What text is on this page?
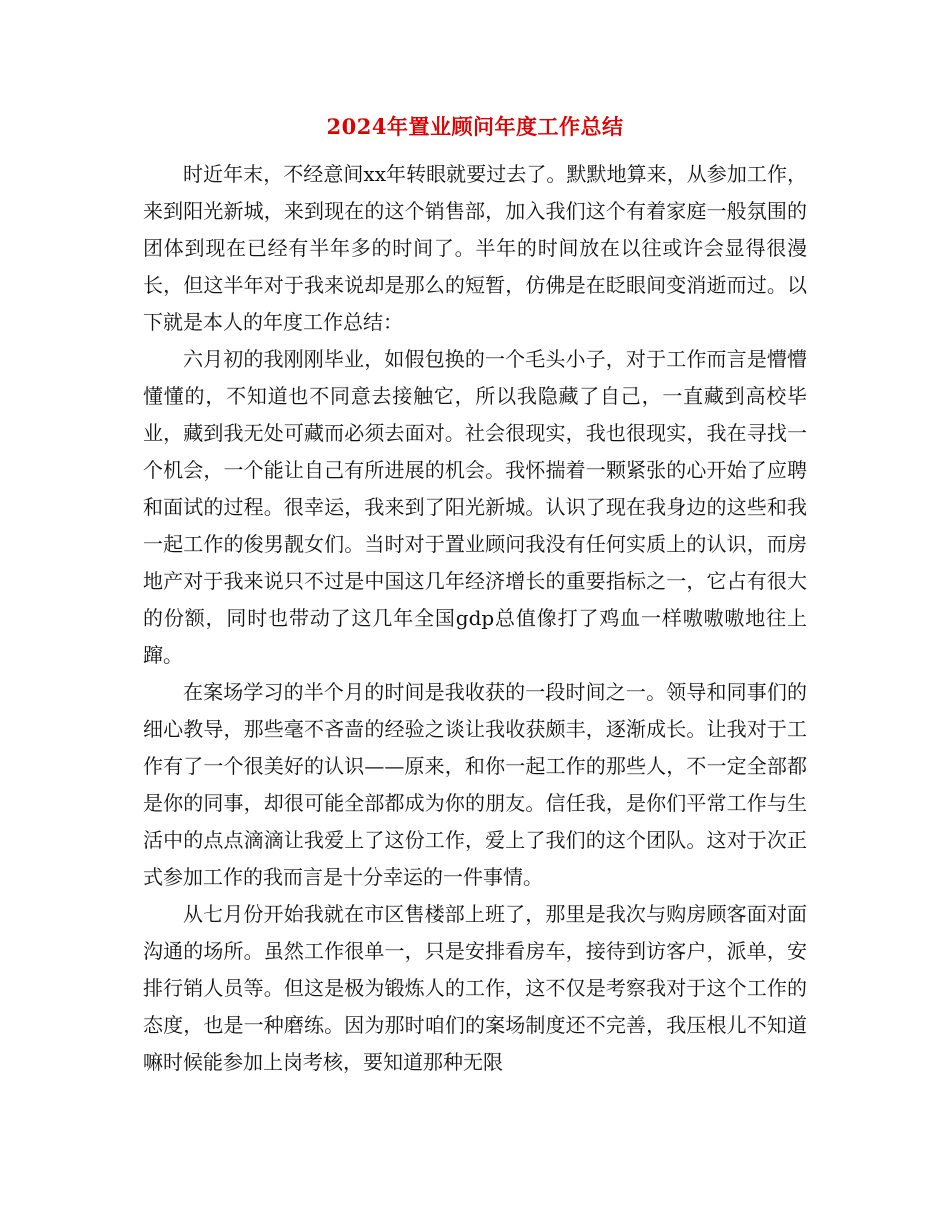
2024年置业顾问年度工作总结

时近年末，不经意间xx年转眼就要过去了。默默地算来，从参加工作，来到阳光新城，来到现在的这个销售部，加入我们这个有着家庭一般氛围的团体到现在已经有半年多的时间了。半年的时间放在以往或许会显得很漫长，但这半年对于我来说却是那么的短暂，仿佛是在眨眼间变消逝而过。以下就是本人的年度工作总结：

六月初的我刚刚毕业，如假包换的一个毛头小子，对于工作而言是懵懵懂懂的，不知道也不同意去接触它，所以我隐藏了自己，一直藏到高校毕业，藏到我无处可藏而必须去面对。社会很现实，我也很现实，我在寻找一个机会，一个能让自己有所进展的机会。我怀揣着一颗紧张的心开始了应聘和面试的过程。很幸运，我来到了阳光新城。认识了现在我身边的这些和我一起工作的俊男靓女们。当时对于置业顾问我没有任何实质上的认识，而房地产对于我来说只不过是中国这几年经济增长的重要指标之一，它占有很大的份额，同时也带动了这几年全国gdp总值像打了鸡血一样嗷嗷嗷地往上蹿。

在案场学习的半个月的时间是我收获的一段时间之一。领导和同事们的细心教导，那些毫不吝啬的经验之谈让我收获颇丰，逐渐成长。让我对于工作有了一个很美好的认识——原来，和你一起工作的那些人，不一定全部都是你的同事，却很可能全部都成为你的朋友。信任我，是你们平常工作与生活中的点点滴滴让我爱上了这份工作，爱上了我们的这个团队。这对于次正式参加工作的我而言是十分幸运的一件事情。

从七月份开始我就在市区售楼部上班了，那里是我次与购房顾客面对面沟通的场所。虽然工作很单一，只是安排看房车，接待到访客户，派单，安排行销人员等。但这是极为锻炼人的工作，这不仅是考察我对于这个工作的态度，也是一种磨练。因为那时咱们的案场制度还不完善，我压根儿不知道嘛时候能参加上岗考核，要知道那种无限
